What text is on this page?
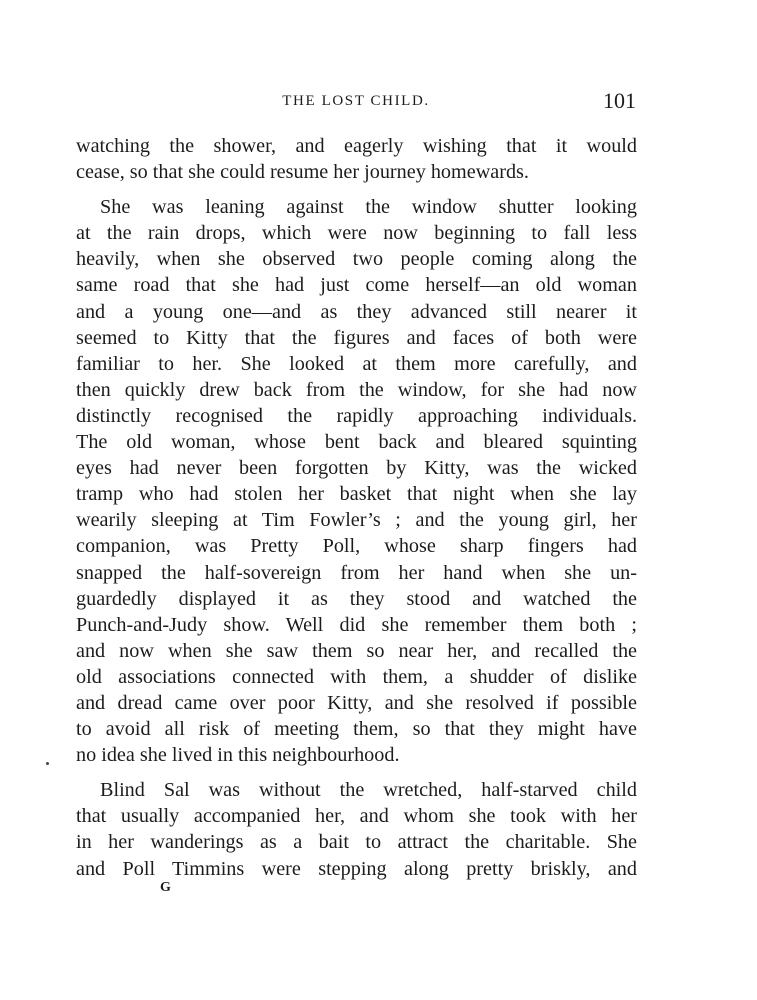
THE LOST CHILD.	101
watching the shower, and eagerly wishing that it would
cease, so that she could resume her journey homewards.
She was leaning against the window shutter looking
at the rain drops, which were now beginning to fall less
heavily, when she observed two people coming along the
same road that she had just come herself—an old woman
and a young one—and as they advanced still nearer it
seemed to Kitty that the figures and faces of both were
familiar to her. She looked at them more carefully, and
then quickly drew back from the window, for she had now
distinctly recognised the rapidly approaching individuals.
The old woman, whose bent back and bleared squinting
eyes had never been forgotten by Kitty, was the wicked
tramp who had stolen her basket that night when she lay
wearily sleeping at Tim Fowler’s ; and the young girl, her
companion, was Pretty Poll, whose sharp fingers had
snapped the half-sovereign from her hand when she un-
guardedly displayed it as they stood and watched the
Punch-and-Judy show. Well did she remember them both ;
and now when she saw them so near her, and recalled the
old associations connected with them, a shudder of dislike
and dread came over poor Kitty, and she resolved if possible
to avoid all risk of meeting them, so that they might have
no idea she lived in this neighbourhood.
Blind Sal was without the wretched, half-starved child
that usually accompanied her, and whom she took with her
in her wanderings as a bait to attract the charitable. She
and Poll Timmins were stepping along pretty briskly, and
G
